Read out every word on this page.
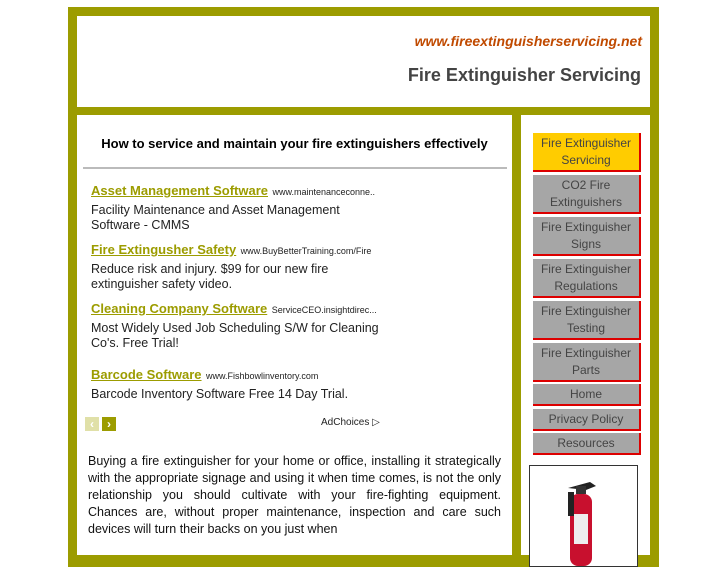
www.fireextinguisherservicing.net
Fire Extinguisher Servicing
How to service and maintain your fire extinguishers effectively
Asset Management Software www.maintenanceconne..
Facility Maintenance and Asset Management Software - CMMS
Fire Extingusher Safety www.BuyBetterTraining.com/Fire
Reduce risk and injury. $99 for our new fire extinguisher safety video.
Cleaning Company Software ServiceCEO.insightdirec...
Most Widely Used Job Scheduling S/W for Cleaning Co's. Free Trial!
Barcode Software www.Fishbowlinventory.com
Barcode Inventory Software Free 14 Day Trial.
‹	›	AdChoices ▷
Buying a fire extinguisher for your home or office, installing it strategically with the appropriate signage and using it when time comes, is not the only relationship you should cultivate with your fire-fighting equipment. Chances are, without proper maintenance, inspection and care such devices will turn their backs on you just when
Fire Extinguisher Servicing
CO2 Fire Extinguishers
Fire Extinguisher Signs
Fire Extinguisher Regulations
Fire Extinguisher Testing
Fire Extinguisher Parts
Home
Privacy Policy
Resources
